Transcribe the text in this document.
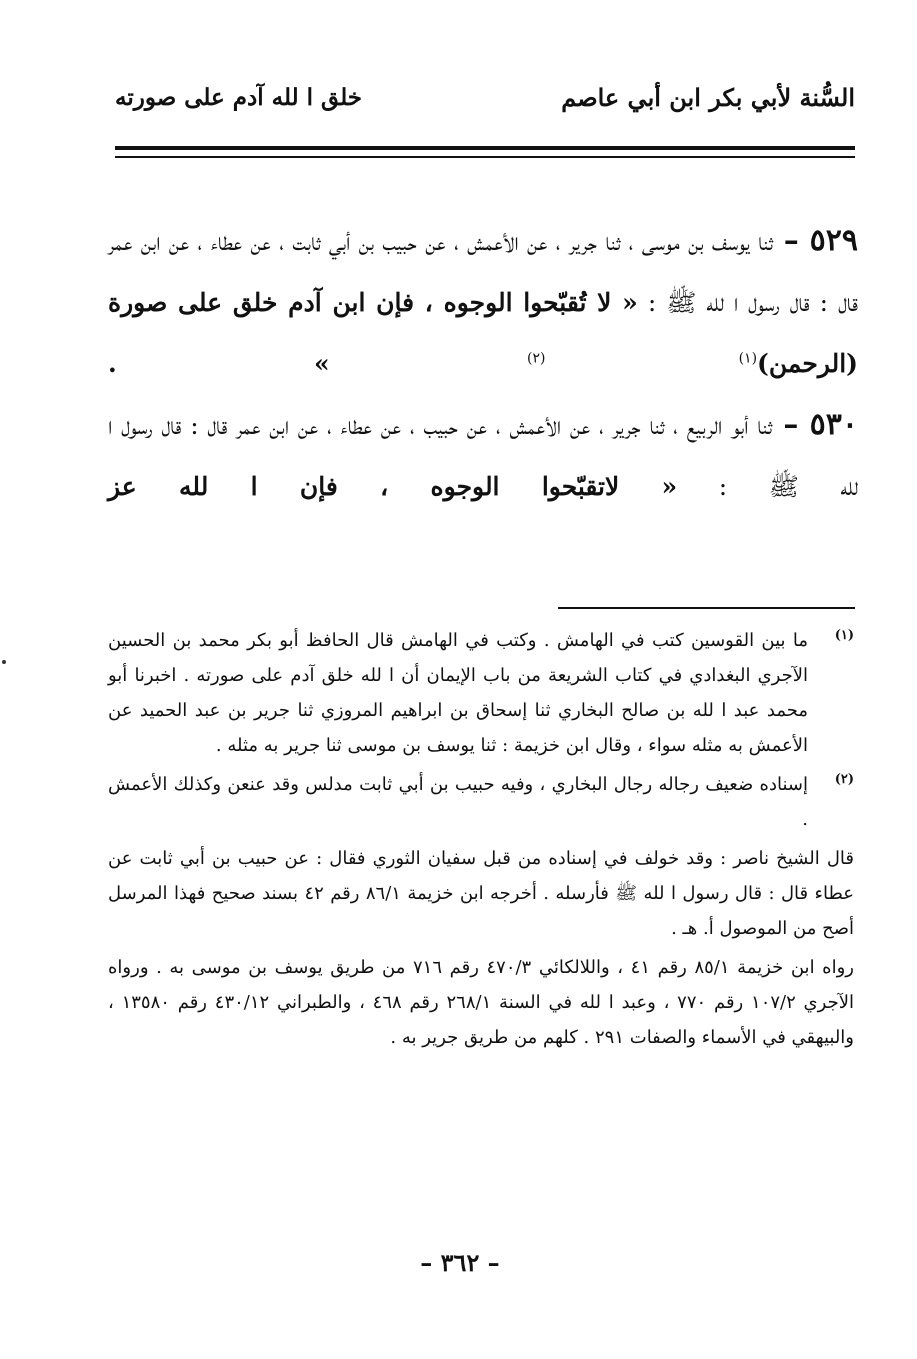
السُّنة لأبي بكر ابن أبي عاصم
خلق ا لله آدم على صورته

٥٢٩ – ثنا يوسف بن موسى ، ثنا جرير ، عن الأعمش ، عن حبيب بن أبي ثابت ، عن عطاء ، عن ابن عمر قال : قال رسول ا لله ﷺ : « لا تُقبّحوا الوجوه ، فإن ابن آدم خلق على صورة (الرحمن)$^{(١) (٢)}$ » .

٥٣٠ – ثنا أبو الربيع ، ثنا جرير ، عن الأعمش ، عن حبيب ، عن عطاء ، عن ابن عمر قال : قال رسول ا لله ﷺ : « لاتقبّحوا الوجوه ، فإن ا لله عز

(١)
ما بين القوسين كتب في الهامش . وكتب في الهامش قال الحافظ أبو بكر محمد بن الحسين الآجري البغدادي في كتاب الشريعة من باب الإيمان أن ا لله خلق آدم على صورته . اخبرنا أبو محمد عبد ا لله بن صالح البخاري ثنا إسحاق بن ابراهيم المروزي ثنا جرير بن عبد الحميد عن الأعمش به مثله سواء ، وقال ابن خزيمة : ثنا يوسف بن موسى ثنا جرير به مثله .
(٢)
إسناده ضعيف رجاله رجال البخاري ، وفيه حبيب بن أبي ثابت مدلس وقد عنعن وكذلك الأعمش .
قال الشيخ ناصر : وقد خولف في إسناده من قبل سفيان الثوري فقال : عن حبيب بن أبي ثابت عن عطاء قال : قال رسول ا لله ﷺ فأرسله . أخرجه ابن خزيمة ٨٦/١ رقم ٤٢ بسند صحيح فهذا المرسل أصح من الموصول أ. هـ .
رواه ابن خزيمة ٨٥/١ رقم ٤١ ، واللالكائي ٤٧٠/٣ رقم ٧١٦ من طريق يوسف بن موسى به . ورواه الآجري ١٠٧/٢ رقم ٧٧٠ ، وعبد ا لله في السنة ٢٦٨/١ رقم ٤٦٨ ، والطبراني ٤٣٠/١٢ رقم ١٣٥٨٠ ، والبيهقي في الأسماء والصفات ٢٩١ . كلهم من طريق جرير به .
– ٣٦٢ –
